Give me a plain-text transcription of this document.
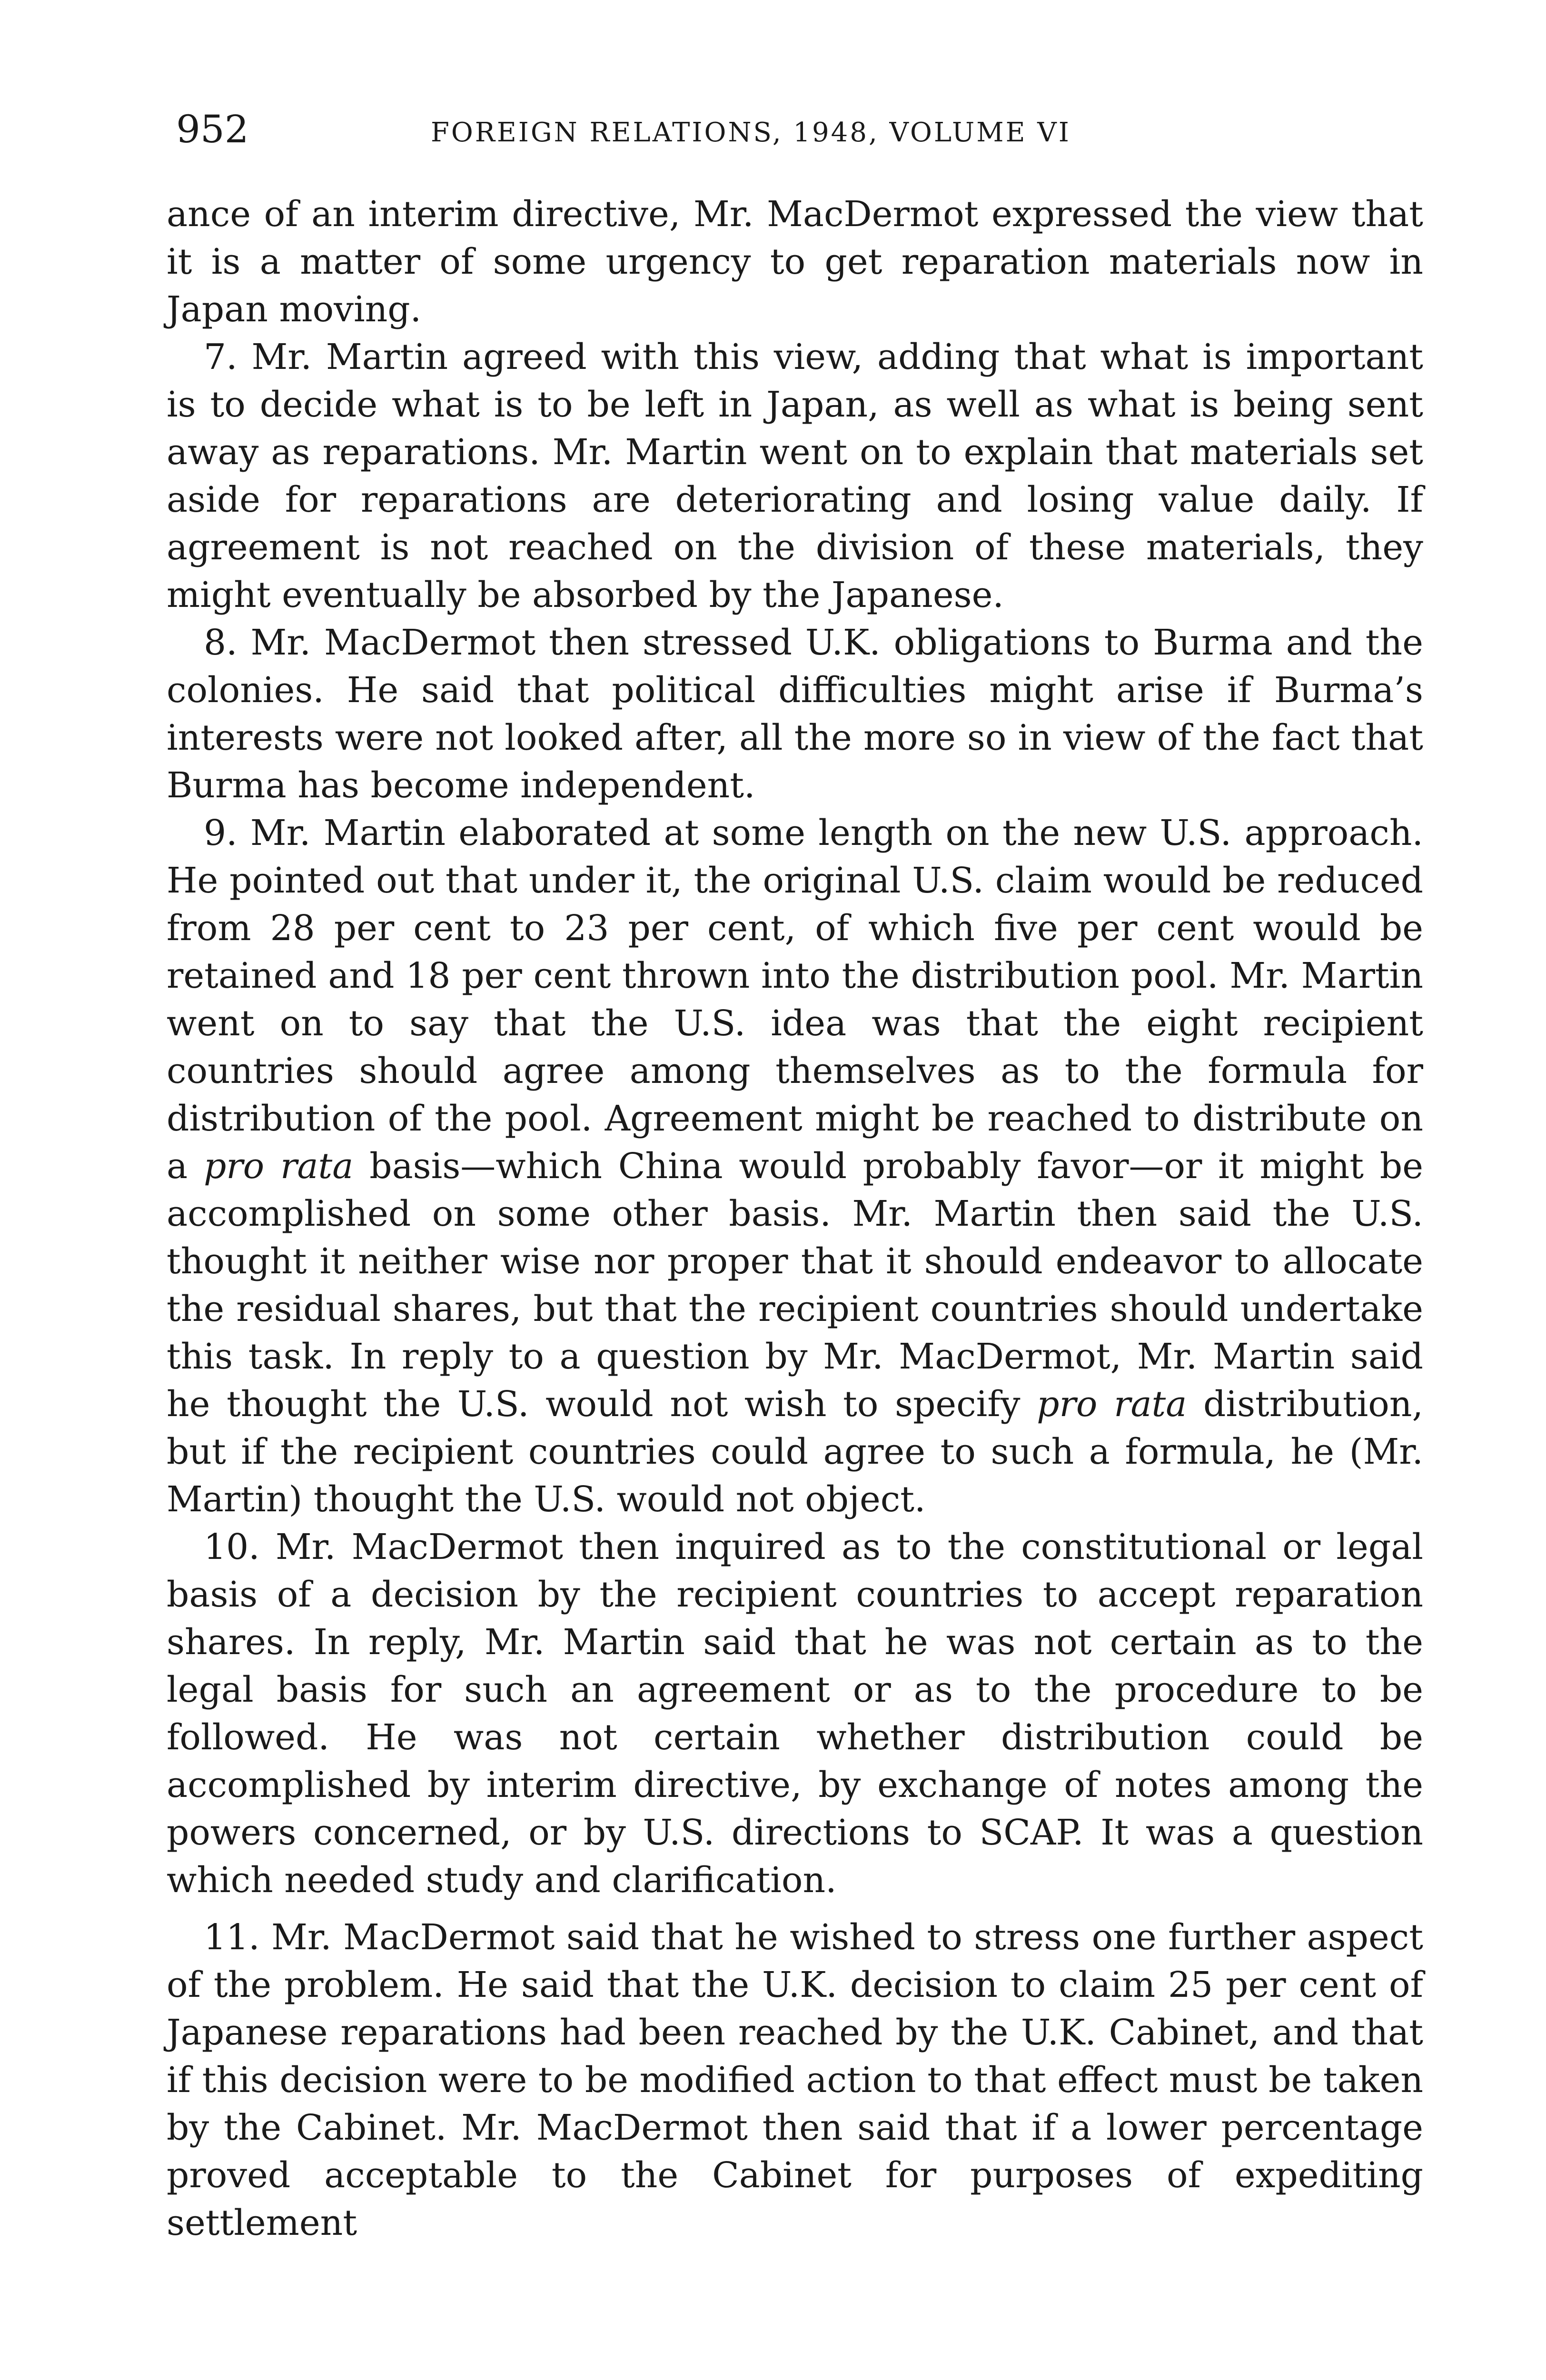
952	FOREIGN RELATIONS, 1948, VOLUME VI

ance of an interim directive, Mr. MacDermot expressed the view that it is a matter of some urgency to get reparation materials now in Japan moving.

7. Mr. Martin agreed with this view, adding that what is important is to decide what is to be left in Japan, as well as what is being sent away as reparations. Mr. Martin went on to explain that materials set aside for reparations are deteriorating and losing value daily. If agreement is not reached on the division of these materials, they might eventually be absorbed by the Japanese.

8. Mr. MacDermot then stressed U.K. obligations to Burma and the colonies. He said that political difficulties might arise if Burma’s interests were not looked after, all the more so in view of the fact that Burma has become independent.

9. Mr. Martin elaborated at some length on the new U.S. approach. He pointed out that under it, the original U.S. claim would be reduced from 28 per cent to 23 per cent, of which five per cent would be retained and 18 per cent thrown into the distribution pool. Mr. Martin went on to say that the U.S. idea was that the eight recipient countries should agree among themselves as to the formula for distribution of the pool. Agreement might be reached to distribute on a pro rata basis—which China would probably favor—or it might be accomplished on some other basis. Mr. Martin then said the U.S. thought it neither wise nor proper that it should endeavor to allocate the residual shares, but that the recipient countries should undertake this task. In reply to a question by Mr. MacDermot, Mr. Martin said he thought the U.S. would not wish to specify pro rata distribution, but if the recipient countries could agree to such a formula, he (Mr. Martin) thought the U.S. would not object.

10. Mr. MacDermot then inquired as to the constitutional or legal basis of a decision by the recipient countries to accept reparation shares. In reply, Mr. Martin said that he was not certain as to the legal basis for such an agreement or as to the procedure to be followed. He was not certain whether distribution could be accomplished by interim directive, by exchange of notes among the powers concerned, or by U.S. directions to SCAP. It was a question which needed study and clarification.

11. Mr. MacDermot said that he wished to stress one further aspect of the problem. He said that the U.K. decision to claim 25 per cent of Japanese reparations had been reached by the U.K. Cabinet, and that if this decision were to be modified action to that effect must be taken by the Cabinet. Mr. MacDermot then said that if a lower percentage proved acceptable to the Cabinet for purposes of expediting settlement
